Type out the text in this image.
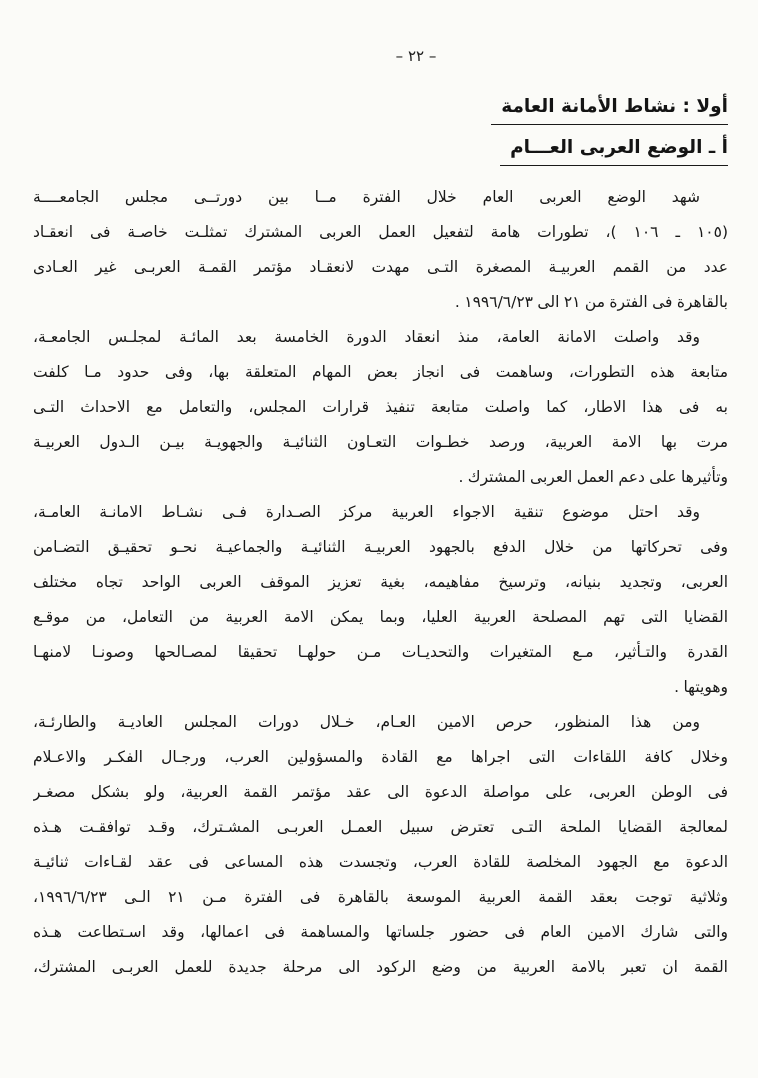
– ٢٢ –
أولا : نشاط الأمانة العامة
أ ـ الوضع العربى العـــام

شهد الوضع العربى العام خلال الفترة مــا بين دورتــى مجلس الجامعــــة

(١٠٥ ـ ١٠٦ )، تطورات هامة لتفعيل العمل العربى المشترك تمثلـت خاصـة فى انعقـاد

عدد من القمم العربيـة المصغرة التـى مهدت لانعقـاد مؤتمر القمـة العربـى غير العـادى

بالقاهرة فى الفترة من ٢١ الى ١٩٩٦/٦/٢٣ .

وقد واصلت الامانة العامة، منذ انعقاد الدورة الخامسة بعد المائـة لمجلـس الجامعـة،

متابعة هذه التطورات، وساهمت فى انجاز بعض المهام المتعلقة بها، وفى حدود مـا كلفت

به فى هذا الاطار، كما واصلت متابعة تنفيذ قرارات المجلس، والتعامل مع الاحداث التـى

مرت بها الامة العربية، ورصد خطـوات التعـاون الثنائيـة والجهويـة بيـن الـدول العربيـة

وتأثيرها على دعم العمل العربى المشترك .

وقد احتل موضوع تنقية الاجواء العربية مركز الصـدارة فـى نشـاط الامانـة العامـة،

وفى تحركاتها من خلال الدفع بالجهود العربيـة الثنائيـة والجماعيـة نحـو تحقيـق التضـامن

العربى، وتجديد بنيانه، وترسيخ مفاهيمه، بغية تعزيز الموقف العربى الواحد تجاه مختلف

القضايا التى تهم المصلحة العربية العليا، وبما يمكن الامة العربية من التعامل، من موقـع

القدرة والتـأثير، مـع المتغيرات والتحديـات مـن حولهـا تحقيقا لمصـالحها وصونـا لامنهـا

وهويتها .

ومن هذا المنظور، حرص الامين العـام، خـلال دورات المجلس العاديـة والطارئـة،

وخلال كافة اللقاءات التى اجراها مع القادة والمسؤولين العرب، ورجـال الفكـر والاعـلام

فى الوطن العربى، على مواصلة الدعوة الى عقد مؤتمر القمة العربية، ولو بشكل مصغـر

لمعالجة القضايا الملحة التـى تعترض سبيل العمـل العربـى المشـترك، وقـد توافقـت هـذه

الدعوة مع الجهود المخلصة للقادة العرب، وتجسدت هذه المساعى فى عقد لقـاءات ثنائيـة

وثلاثية توجت بعقد القمة العربية الموسعة بالقاهرة فى الفترة مـن ٢١ الـى ١٩٩٦/٦/٢٣،

والتى شارك الامين العام فى حضور جلساتها والمساهمة فى اعمالها، وقد اسـتطاعت هـذه

القمة ان تعبر بالامة العربية من وضع الركود الى مرحلة جديدة للعمل العربـى المشترك،
